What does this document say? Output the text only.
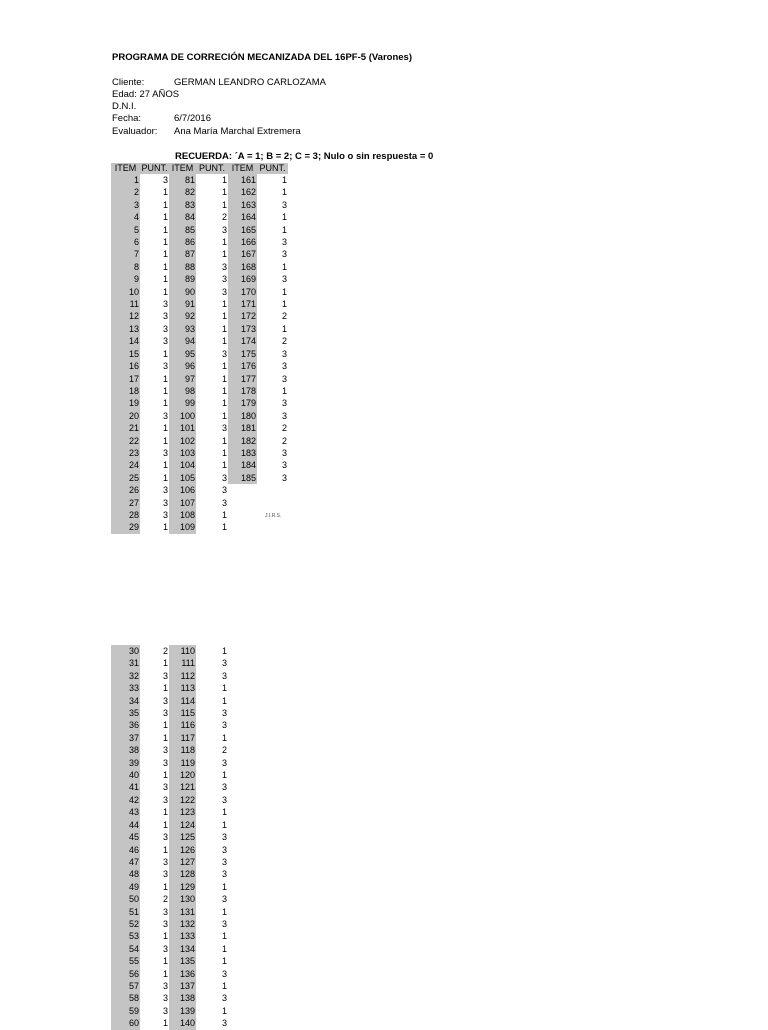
PROGRAMA DE CORRECIÓN MECANIZADA DEL 16PF-5 (Varones)
Cliente:	GERMAN LEANDRO CARLOZAMA
Edad: 27 AÑOS
D.N.I.
Fecha:	6/7/2016
Evaluador: Ana María Marchal Extremera
RECUERDA: ´A = 1; B = 2; C = 3; Nulo o sin respuesta = 0
ITEM	PUNT.	ITEM	PUNT.	ITEM	PUNT.
1	3	81	1	161	1
2	1	82	1	162	1
3	1	83	1	163	3
4	1	84	2	164	1
5	1	85	3	165	1
6	1	86	1	166	3
7	1	87	1	167	3
8	1	88	3	168	1
9	1	89	3	169	3
10	1	90	3	170	1
11	3	91	1	171	1
12	3	92	1	172	2
13	3	93	1	173	1
14	3	94	1	174	2
15	1	95	3	175	3
16	3	96	1	176	3
17	1	97	1	177	3
18	1	98	1	178	1
19	1	99	1	179	3
20	3	100	1	180	3
21	1	101	3	181	2
22	1	102	1	182	2
23	3	103	1	183	3
24	1	104	1	184	3
25	1	105	3	185	3
26	3	106	3		
27	3	107	3		
28	3	108	1		
29	1	109	1		
J.I.R.S.
30	2	110	1
31	1	111	3
32	3	112	3
33	1	113	1
34	3	114	1
35	3	115	3
36	1	116	3
37	1	117	1
38	3	118	2
39	3	119	3
40	1	120	1
41	3	121	3
42	3	122	3
43	1	123	1
44	1	124	1
45	3	125	3
46	1	126	3
47	3	127	3
48	3	128	3
49	1	129	1
50	2	130	3
51	3	131	1
52	3	132	3
53	1	133	1
54	3	134	1
55	1	135	1
56	1	136	3
57	3	137	1
58	3	138	3
59	3	139	1
60	1	140	3
